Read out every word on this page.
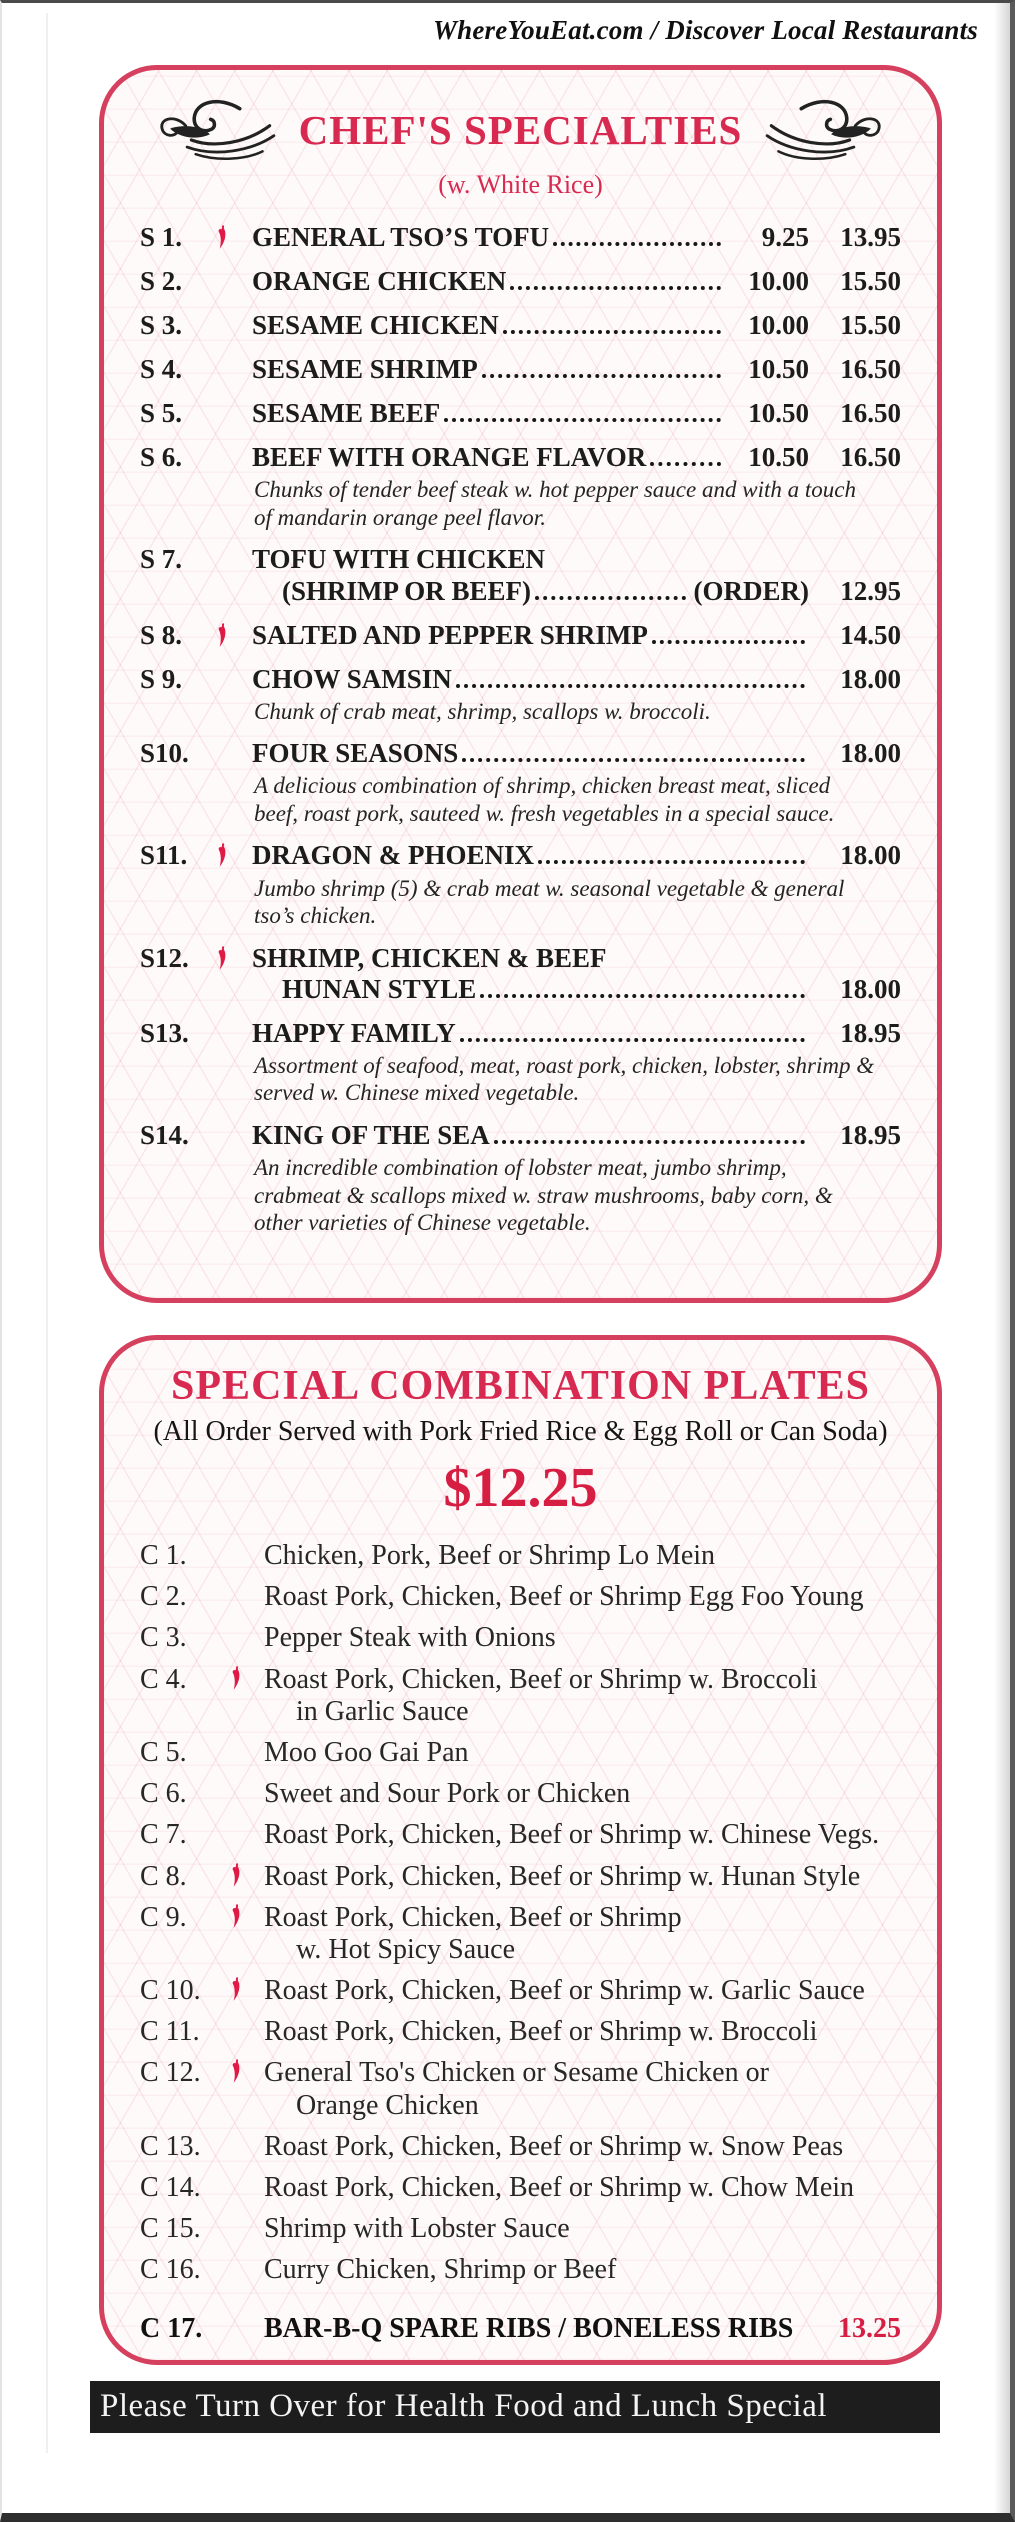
WhereYouEat.com / Discover Local Restaurants
CHEF'S SPECIALTIES
(w. White Rice)
S 1.	GENERAL TSO’S TOFU	9.25	13.95
S 2.	ORANGE CHICKEN	10.00	15.50
S 3.	SESAME CHICKEN	10.00	15.50
S 4.	SESAME SHRIMP	10.50	16.50
S 5.	SESAME BEEF	10.50	16.50
S 6.	BEEF WITH ORANGE FLAVOR	10.50	16.50
Chunks of tender beef steak w. hot pepper sauce and with a touch of mandarin orange peel flavor.
S 7.	TOFU WITH CHICKEN
(SHRIMP OR BEEF)	(ORDER)	12.95
S 8.	SALTED AND PEPPER SHRIMP	14.50
S 9.	CHOW SAMSIN	18.00
Chunk of crab meat, shrimp, scallops w. broccoli.
S10.	FOUR SEASONS	18.00
A delicious combination of shrimp, chicken breast meat, sliced beef, roast pork, sauteed w. fresh vegetables in a special sauce.
S11.	DRAGON & PHOENIX	18.00
Jumbo shrimp (5) & crab meat w. seasonal vegetable & general tso’s chicken.
S12.	SHRIMP, CHICKEN & BEEF
HUNAN STYLE	18.00
S13.	HAPPY FAMILY	18.95
Assortment of seafood, meat, roast pork, chicken, lobster, shrimp & served w. Chinese mixed vegetable.
S14.	KING OF THE SEA	18.95
An incredible combination of lobster meat, jumbo shrimp, crabmeat & scallops mixed w. straw mushrooms, baby corn, & other varieties of Chinese vegetable.
SPECIAL COMBINATION PLATES
(All Order Served with Pork Fried Rice & Egg Roll or Can Soda)
$12.25
C 1.	Chicken, Pork, Beef or Shrimp Lo Mein
C 2.	Roast Pork, Chicken, Beef or Shrimp Egg Foo Young
C 3.	Pepper Steak with Onions
C 4.	Roast Pork, Chicken, Beef or Shrimp w. Broccoli
in Garlic Sauce
C 5.	Moo Goo Gai Pan
C 6.	Sweet and Sour Pork or Chicken
C 7.	Roast Pork, Chicken, Beef or Shrimp w. Chinese Vegs.
C 8.	Roast Pork, Chicken, Beef or Shrimp w. Hunan Style
C 9.	Roast Pork, Chicken, Beef or Shrimp
w. Hot Spicy Sauce
C 10.	Roast Pork, Chicken, Beef or Shrimp w. Garlic Sauce
C 11.	Roast Pork, Chicken, Beef or Shrimp w. Broccoli
C 12.	General Tso's Chicken or Sesame Chicken or
Orange Chicken
C 13.	Roast Pork, Chicken, Beef or Shrimp w. Snow Peas
C 14.	Roast Pork, Chicken, Beef or Shrimp w. Chow Mein
C 15.	Shrimp with Lobster Sauce
C 16.	Curry Chicken, Shrimp or Beef
C 17.	BAR-B-Q SPARE RIBS / BONELESS RIBS	13.25
Please Turn Over for Health Food and Lunch Special
